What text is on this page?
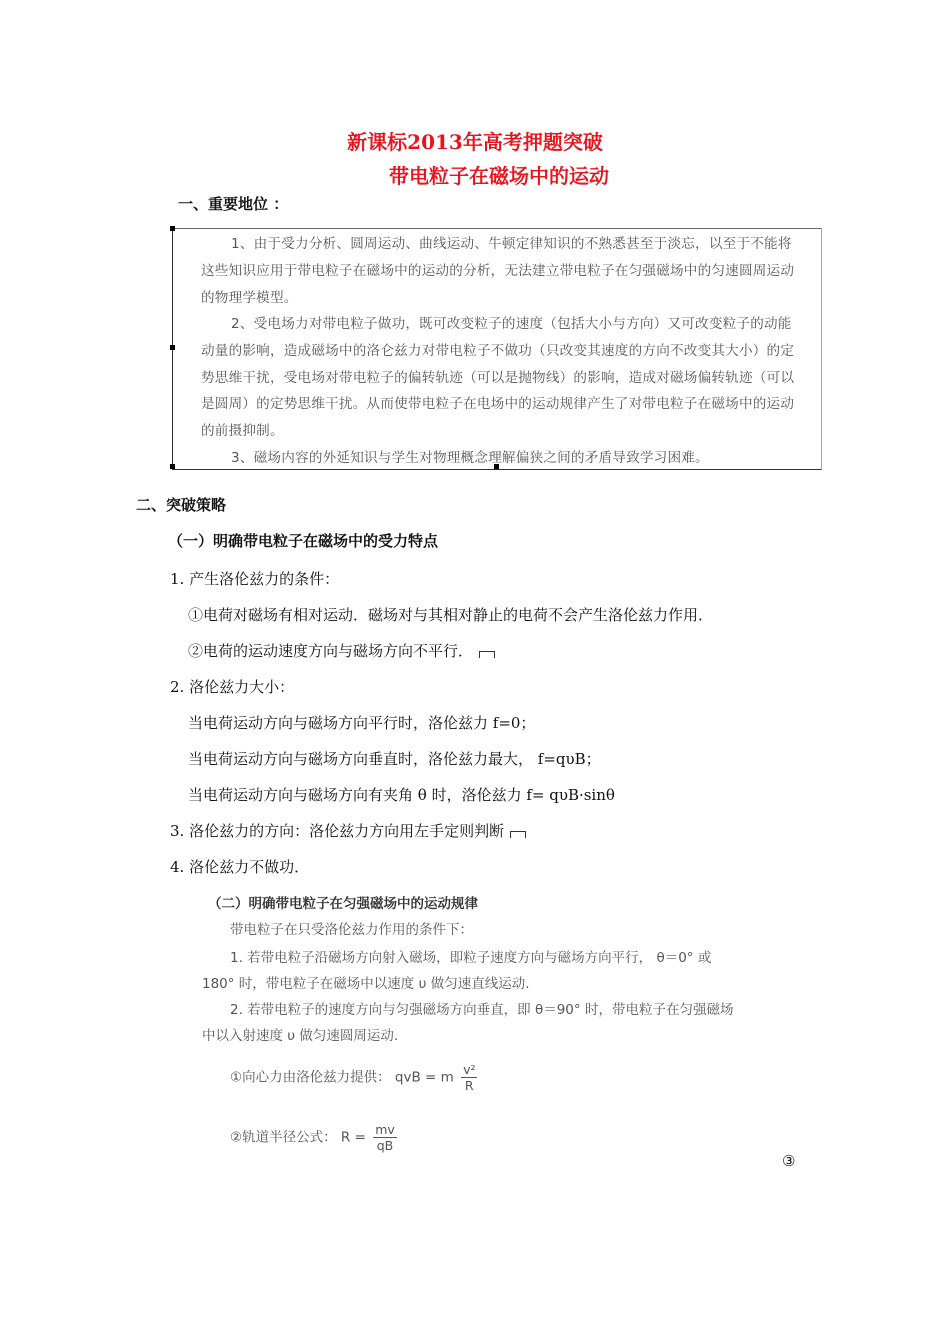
新课标2013年高考押题突破
带电粒子在磁场中的运动
一、重要地位 ：
1、由于受力分析、圆周运动、曲线运动、牛顿定律知识的不熟悉甚至于淡忘，以至于不能将这些知识应用于带电粒子在磁场中的运动的分析，无法建立带电粒子在匀强磁场中的匀速圆周运动的物理学模型。
2、受电场力对带电粒子做功，既可改变粒子的速度（包括大小与方向）又可改变粒子的动能动量的影响，造成磁场中的洛仑兹力对带电粒子不做功（只改变其速度的方向不改变其大小）的定势思维干扰，受电场对带电粒子的偏转轨迹（可以是抛物线）的影响，造成对磁场偏转轨迹（可以是圆周）的定势思维干扰。从而使带电粒子在电场中的运动规律产生了对带电粒子在磁场中的运动的前摄抑制。
3、磁场内容的外延知识与学生对物理概念理解偏狭之间的矛盾导致学习困难。
二、突破策略
（一）明确带电粒子在磁场中的受力特点
1. 产生洛伦兹力的条件：
①电荷对磁场有相对运动．磁场对与其相对静止的电荷不会产生洛伦兹力作用．
②电荷的运动速度方向与磁场方向不平行．
2. 洛伦兹力大小：
当电荷运动方向与磁场方向平行时，洛伦兹力 f=0；
当电荷运动方向与磁场方向垂直时，洛伦兹力最大， f=qυB；
当电荷运动方向与磁场方向有夹角 θ 时，洛伦兹力 f= qυB·sinθ
3. 洛伦兹力的方向：洛伦兹力方向用左手定则判断
4. 洛伦兹力不做功．
（二）明确带电粒子在匀强磁场中的运动规律
带电粒子在只受洛伦兹力作用的条件下：
1. 若带电粒子沿磁场方向射入磁场，即粒子速度方向与磁场方向平行， θ＝0° 或
180° 时，带电粒子在磁场中以速度 υ 做匀速直线运动.
2. 若带电粒子的速度方向与匀强磁场方向垂直，即 θ＝90° 时，带电粒子在匀强磁场
中以入射速度 υ 做匀速圆周运动.
①向心力由洛伦兹力提供： qvB = m $\frac{\text{v²}}{R}$
②轨道半径公式： $R = \frac{mv}{qB}$
③
